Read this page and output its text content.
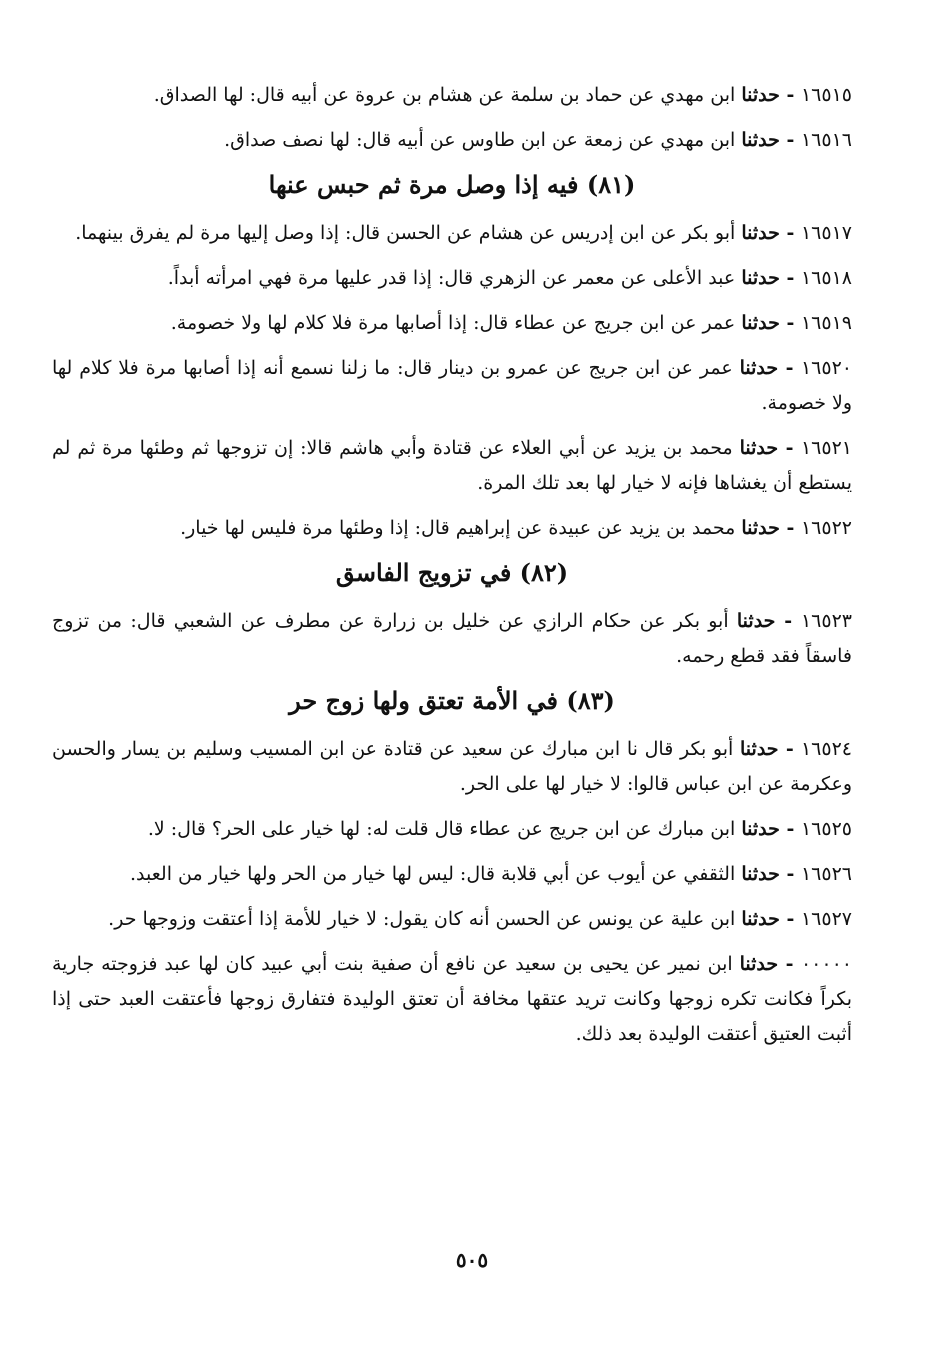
١٦٥١٥ - حدثنا ابن مهدي عن حماد بن سلمة عن هشام بن عروة عن أبيه قال: لها الصداق.
١٦٥١٦ - حدثنا ابن مهدي عن زمعة عن ابن طاوس عن أبيه قال: لها نصف صداق.
(٨١) فيه إذا وصل مرة ثم حبس عنها
١٦٥١٧ - حدثنا أبو بكر عن ابن إدريس عن هشام عن الحسن قال: إذا وصل إليها مرة لم يفرق بينهما.
١٦٥١٨ - حدثنا عبد الأعلى عن معمر عن الزهري قال: إذا قدر عليها مرة فهي امرأته أبداً.
١٦٥١٩ - حدثنا عمر عن ابن جريج عن عطاء قال: إذا أصابها مرة فلا كلام لها ولا خصومة.
١٦٥٢٠ - حدثنا عمر عن ابن جريج عن عمرو بن دينار قال: ما زلنا نسمع أنه إذا أصابها مرة فلا كلام لها ولا خصومة.
١٦٥٢١ - حدثنا محمد بن يزيد عن أبي العلاء عن قتادة وأبي هاشم قالا: إن تزوجها ثم وطئها مرة ثم لم يستطع أن يغشاها فإنه لا خيار لها بعد تلك المرة.
١٦٥٢٢ - حدثنا محمد بن يزيد عن عبيدة عن إبراهيم قال: إذا وطئها مرة فليس لها خيار.
(٨٢) في تزويج الفاسق
١٦٥٢٣ - حدثنا أبو بكر عن حكام الرازي عن خليل بن زرارة عن مطرف عن الشعبي قال: من تزوج فاسقاً فقد قطع رحمه.
(٨٣) في الأمة تعتق ولها زوج حر
١٦٥٢٤ - حدثنا أبو بكر قال نا ابن مبارك عن سعيد عن قتادة عن ابن المسيب وسليم بن يسار والحسن وعكرمة عن ابن عباس قالوا: لا خيار لها على الحر.
١٦٥٢٥ - حدثنا ابن مبارك عن ابن جريج عن عطاء قال قلت له: لها خيار على الحر؟ قال: لا.
١٦٥٢٦ - حدثنا الثقفي عن أيوب عن أبي قلابة قال: ليس لها خيار من الحر ولها خيار من العبد.
١٦٥٢٧ - حدثنا ابن علية عن يونس عن الحسن أنه كان يقول: لا خيار للأمة إذا أعتقت وزوجها حر.
٠٠٠٠٠ - حدثنا ابن نمير عن يحيى بن سعيد عن نافع أن صفية بنت أبي عبيد كان لها عبد فزوجته جارية بكراً فكانت تكره زوجها وكانت تريد عتقها مخافة أن تعتق الوليدة فتفارق زوجها فأعتقت العبد حتى إذا أثبت العتيق أعتقت الوليدة بعد ذلك.
٥٠٥
